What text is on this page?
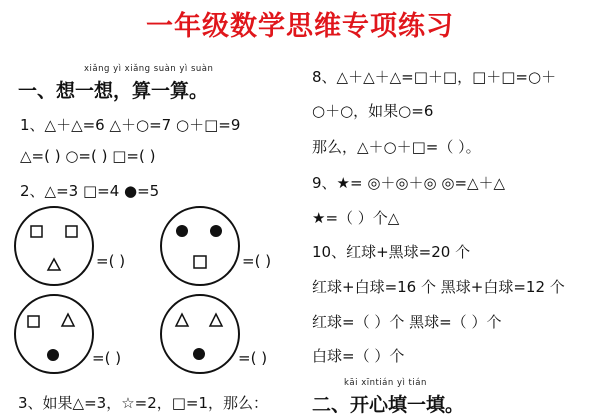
一年级数学思维专项练习
xiǎng yì xiǎng suàn yì suàn
一、想一想，算一算。
1、△＋△=6 △＋○=7 ○＋□=9
△=( ) ○=( ) □=( )
2、△=3 □=4 ●=5
=( )	=( )
=( )	=( )
3、如果△=3，☆=2，□=1，那么：
8、△＋△＋△=□＋□，□＋□=○＋
○＋○，如果○=6
那么，△＋○＋□=（ ）。
9、★= ◎＋◎＋◎ ◎=△＋△
★=（ ）个△
10、红球+黑球=20 个
红球+白球=16 个 黑球+白球=12 个
红球=（ ）个 黑球=（ ）个
白球=（ ）个
kāi xīntián yì tián
二、开心填一填。
